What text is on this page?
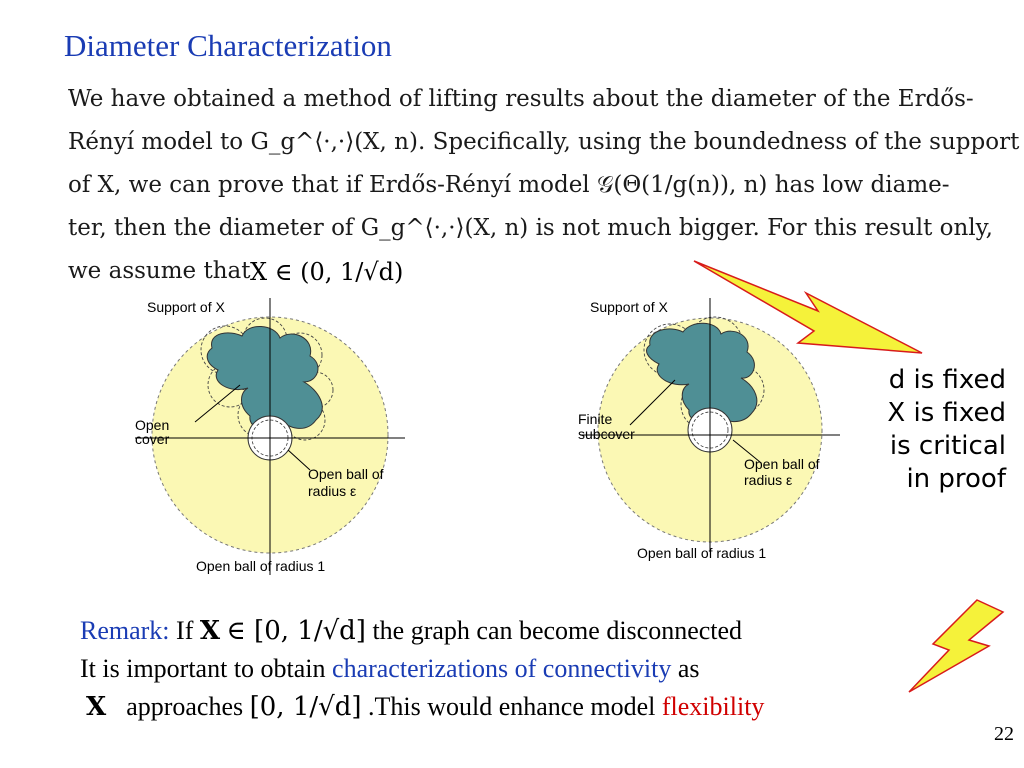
Diameter Characterization
We have obtained a method of lifting results about the diameter of the Erdős-
Rényí model to G_g^⟨·,·⟩(X, n). Specifically, using the boundedness of the support
of X, we can prove that if Erdős-Rényí model 𝒢(Θ(1/g(n)), n) has low diame-
ter, then the diameter of G_g^⟨·,·⟩(X, n) is not much bigger. For this result only,
we assume that X ∈ (0, 1/√d)
Support of X
Open cover
Open ball of radius ε
Open ball of radius 1
Support of X
Finite subcover
Open ball of radius ε
Open ball of radius 1
d is fixed
X is fixed
is critical
in proof
Remark: If X ∈ [0, 1/√d] the graph can become disconnected
It is important to obtain characterizations of connectivity as
X approaches [0, 1/√d] .This would enhance model flexibility
22
